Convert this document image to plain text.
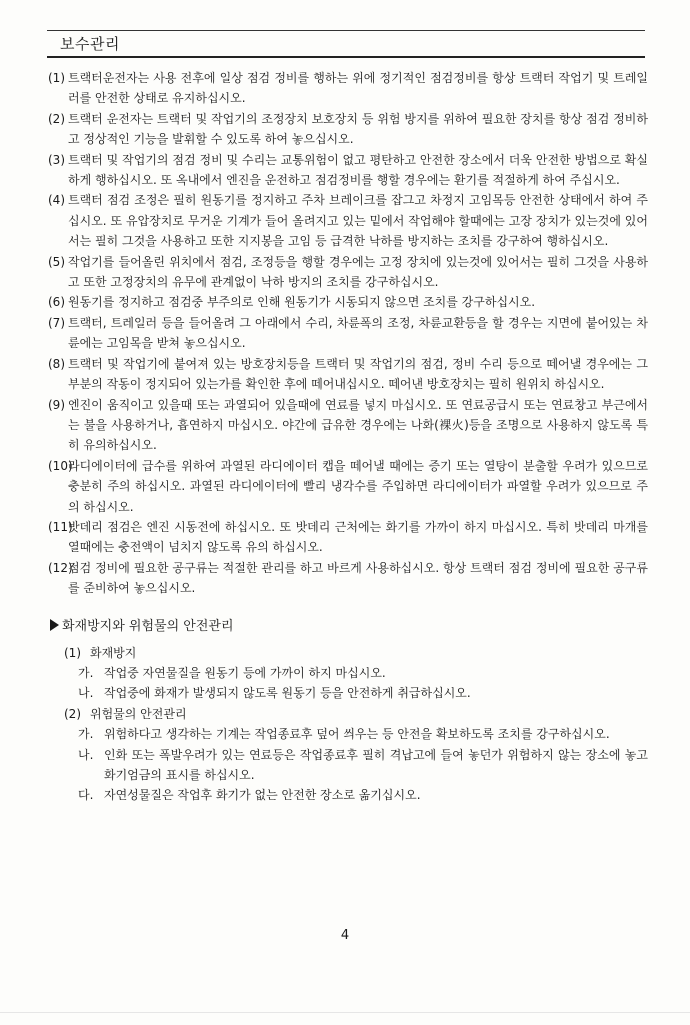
보수관리
(1) 트랙터운전자는 사용 전후에 일상 점검 정비를 행하는 위에 정기적인 점검정비를 항상 트랙터 작업기 및 트레일러를 안전한 상태로 유지하십시오.
(2) 트랙터 운전자는 트랙터 및 작업기의 조정장치 보호장치 등 위험 방지를 위하여 필요한 장치를 항상 점검 정비하고 정상적인 기능을 발휘할 수 있도록 하여 놓으십시오.
(3) 트랙터 및 작업기의 점검 정비 및 수리는 교통위험이 없고 평탄하고 안전한 장소에서 더욱 안전한 방법으로 확실하게 행하십시오. 또 옥내에서 엔진을 운전하고 점검정비를 행할 경우에는 환기를 적절하게 하여 주십시오.
(4) 트랙터 점검 조정은 필히 원동기를 정지하고 주차 브레이크를 잡그고 차정지 고임목등 안전한 상태에서 하여 주십시오. 또 유압장치로 무거운 기계가 들어 올려지고 있는 밑에서 작업해야 할때에는 고장 장치가 있는것에 있어서는 필히 그것을 사용하고 또한 지지봉을 고임 등 급격한 낙하를 방지하는 조치를 강구하여 행하십시오.
(5) 작업기를 들어올린 위치에서 점검, 조정등을 행할 경우에는 고정 장치에 있는것에 있어서는 필히 그것을 사용하고 또한 고정장치의 유무에 관계없이 낙하 방지의 조치를 강구하십시오.
(6) 원동기를 정지하고 점검중 부주의로 인해 원동기가 시동되지 않으면 조치를 강구하십시오.
(7) 트랙터, 트레일러 등을 들어올려 그 아래에서 수리, 차륜폭의 조정, 차륜교환등을 할 경우는 지면에 붙어있는 차륜에는 고임목을 받쳐 놓으십시오.
(8) 트랙터 및 작업기에 붙여져 있는 방호장치등을 트랙터 및 작업기의 점검, 정비 수리 등으로 떼어낼 경우에는 그 부분의 작동이 정지되어 있는가를 확인한 후에 떼어내십시오. 떼어낸 방호장치는 필히 원위치 하십시오.
(9) 엔진이 움직이고 있을때 또는 과열되어 있을때에 연료를 넣지 마십시오. 또 연료공급시 또는 연료창고 부근에서는 불을 사용하거나, 흡연하지 마십시오. 야간에 급유한 경우에는 나화(裸火)등을 조명으로 사용하지 않도록 특히 유의하십시오.
(10)
라디에이터에 급수를 위하여 과열된 라디에이터 캡을 떼어낼 때에는 증기 또는 열탕이 분출할 우려가 있으므로 충분히 주의 하십시오. 과열된 라디에이터에 빨리 냉각수를 주입하면 라디에이터가 파열할 우려가 있으므로 주의 하십시오.
(11)
밧데리 점검은 엔진 시동전에 하십시오. 또 밧데리 근처에는 화기를 가까이 하지 마십시오. 특히 밧데리 마개를 열때에는 충전액이 넘치지 않도록 유의 하십시오.
(12)
점검 정비에 필요한 공구류는 적절한 관리를 하고 바르게 사용하십시오. 항상 트랙터 점검 정비에 필요한 공구류를 준비하여 놓으십시오.
화재방지와 위험물의 안전관리
(1) 화재방지
가. 작업중 자연물질을 원동기 등에 가까이 하지 마십시오.
나. 작업중에 화재가 발생되지 않도록 원동기 등을 안전하게 취급하십시오.
(2) 위험물의 안전관리
가. 위험하다고 생각하는 기계는 작업종료후 덮어 씌우는 등 안전을 확보하도록 조치를 강구하십시오.
나. 인화 또는 폭발우려가 있는 연료등은 작업종료후 필히 격납고에 들여 놓던가 위험하지 않는 장소에 놓고 화기엄금의 표시를 하십시오.
다. 자연성물질은 작업후 화기가 없는 안전한 장소로 옮기십시오.
4
